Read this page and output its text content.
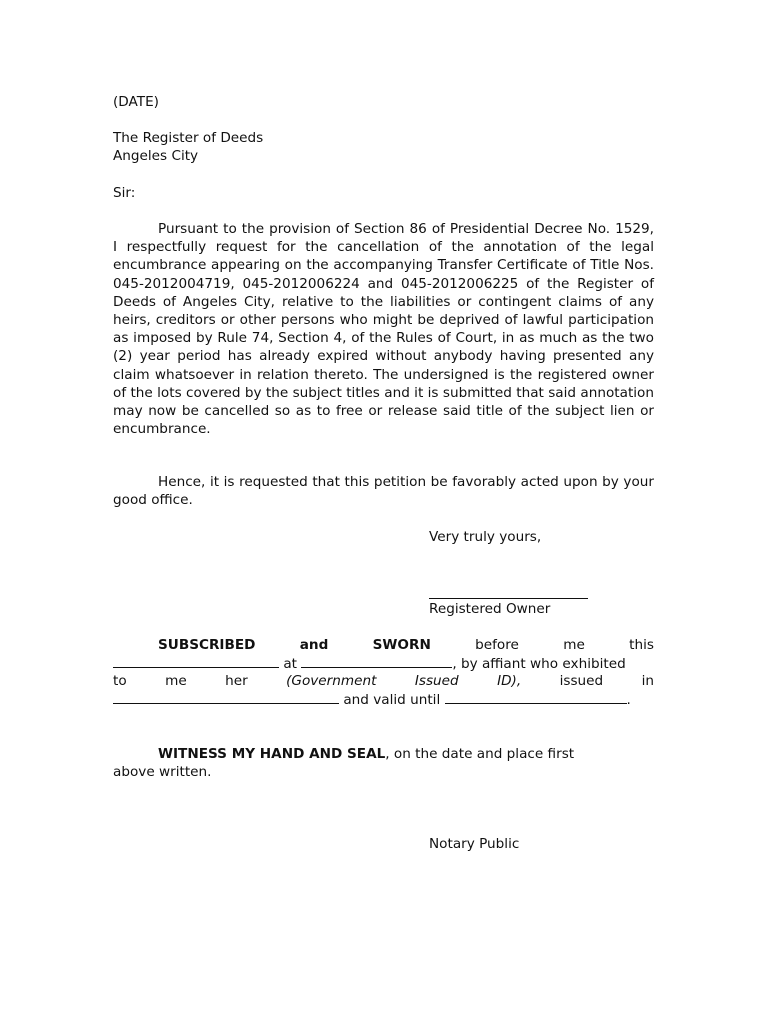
(DATE)
The Register of Deeds
Angeles City
Sir:
Pursuant to the provision of Section 86 of Presidential Decree No. 1529, I respectfully request for the cancellation of the annotation of the legal encumbrance appearing on the accompanying Transfer Certificate of Title Nos. 045-2012004719, 045-2012006224 and 045-2012006225 of the Register of Deeds of Angeles City, relative to the liabilities or contingent claims of any heirs, creditors or other persons who might be deprived of lawful participation as imposed by Rule 74, Section 4, of the Rules of Court, in as much as the two (2) year period has already expired without anybody having presented any claim whatsoever in relation thereto. The undersigned is the registered owner of the lots covered by the subject titles and it is submitted that said annotation may now be cancelled so as to free or release said title of the subject lien or encumbrance.
Hence, it is requested that this petition be favorably acted upon by your good office.
Very truly yours,
Registered Owner
SUBSCRIBED	and	SWORN	before	me	this
at	, by affiant who exhibited
to	me	her	(Government	Issued	ID),	issued	in
and valid until	.
WITNESS MY HAND AND SEAL, on the date and place first
above written.
Notary Public
